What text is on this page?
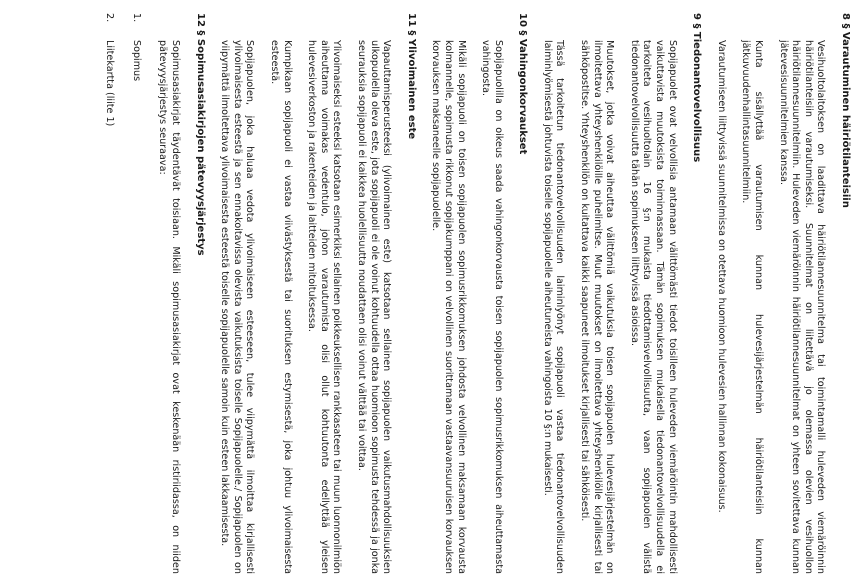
8 § Varautuminen häiriötilanteisiin
Vesihuoltolaitoksen on laadittava häiriötilannesuunnitelma tai toimintamalli huleveden viemäröinnin häiriötilanteisiin varautumiseksi. Suunnitelmat on liitettävä jo olemassa olevien vesihuollon häiriötilannesuunnitelmiin. Huleveden viemäröinnin häiriötilannesuunnitelmat on yhteen sovitettava kunnan jätevesisuunnitelmien kanssa.
Kunta sisällyttää varautumisen kunnan hulevesijärjestelmän häiriötilanteisiin kunnan jätkuvuudenhallintasuunnitelmiin.
Varautumiseen liittyvissä suunnitelmissa on otettava huomioon hulevesien hallinnan kokonaisuus.
9 § Tiedonantovelvollisuus
Sopijapuolet ovat velvollisia antamaan välittömästi tiedot toisilleen huleveden viemäröintin mahdollisesti vaikuttavista muutoksista toiminnassaan. Tämän sopimuksen mukaisella tiedonantovelvollisuudella ei tarkoiteta vesihuoltolain 16 §:n mukaista tiedottamisvelvollisuutta, vaan sopijapuolen välistä tiedonantovelvollisuutta tähän sopimukseen liittyvissä asioissa.
Muutokset, jotka voivat aiheuttaa välittömiä vaikutuksia toisen sopijapuolen hulevesijärjestelmän on ilmoitettava yhteyshenkilöille puhelimitse. Muut muutokset on ilmoitettava yhteyshenkilölle kirjallisesti tai sähköpostitse. Yhteyshenkilön on kuitattava kaikki saapuneet ilmoitukset kirjallisesti tai sähköisesti.
Tässä tarkoitetun tiedonantovelvollisuuden laiminlyönyt sopijapuoli vastaa tiedonantovelvollisuuden laiminlyömisestä johtuvista toiselle sopijapuolelle aiheutuneista vahingoista 10 §:n mukaisesti.
10 § Vahingonkorvaukset
Sopijapuolilla on oikeus saada vahingonkorvausta toisen sopijapuolen sopimusrikkomuksen aiheuttamasta vahingosta.
Mikäli sopijapuoli on toisen sopijapuolen sopimusrikkomuksen johdosta velvollinen maksamaan korvausta kolmannelle, sopimusta rikkonut sopijakumppani on velvollinen suorittamaan vastaavansuuruisen korvauksen korvauksen maksaneelle sopijapuolelle.
11 § Ylivoimainen este
Vapauttamisperusteeksi (ylivoimainen este) katsotaan sellainen sopijapuolen vaikutusmahdollisuuksien ulkopuolella oleva este, jota sopijapuoli ei ole voinut kohtuudella ottaa huomioon sopimusta tehdessä ja jonka seurauksia sopijapuoli ei kaikkea huolellisuutta noudattaen olisi voinut välttää tai voittaa.
Ylivoimaiseksi esteeksi katsotaan esimerkiksi sellainen poikkeuksellisen rankkasateen tai muun luonnonilmiön aiheuttama voimakas vedentulo, johon varautumista olisi ollut kohtuutonta edellyttää yleisen hulevesiverkoston ja rakenteiden ja laitteiden mitoituksessa.
Kumpikaan sopijapuoli ei vastaa viivästyksestä tai suorituksen estymisestä, joka johtuu ylivoimaisesta esteestä.
Sopijapuolen, joka haluaa vedota ylivoimaiseen esteeseen, tulee viipymättä ilmoittaa kirjallisesti ylivoimaisesta esteestä ja sen ennakoitavissa olevista vaikutuksista toiselle Sopijapuolelle./ Sopijapuolen on viipymättä ilmoitettava ylivoimaisesta esteestä toiselle sopijapuolelle samoin kuin esteen lakkaamisesta.
12 § Sopimusasiakirjojen pätevyysjärjestys
Sopimusasiakirjat täydentävät toisiaan. Mikäli sopimusasiakirjat ovat keskenään ristiriidassa, on niiden pätevyysjärjestys seuraava:
1.
Sopimus
2.
Liitekartta (liite 1)
